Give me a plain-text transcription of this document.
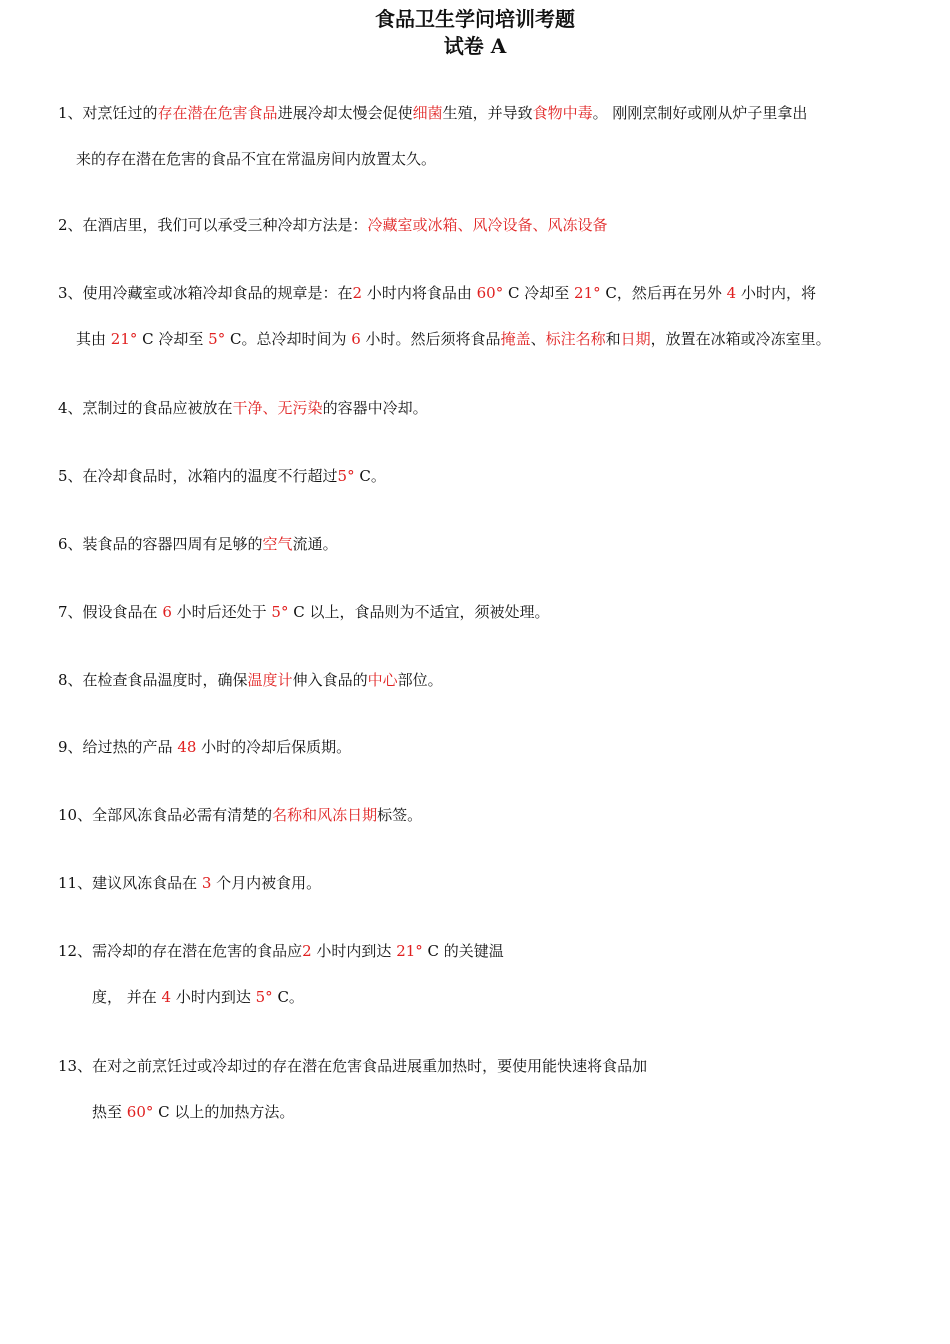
食品卫生学问培训考题
试卷 A
1、对烹饪过的存在潜在危害食品进展冷却太慢会促使细菌生殖，并导致食物中毒。 刚刚烹制好或刚从炉子里拿出
来的存在潜在危害的食品不宜在常温房间内放置太久。
2、在酒店里，我们可以承受三种冷却方法是：冷藏室或冰箱、风冷设备、风冻设备
3、使用冷藏室或冰箱冷却食品的规章是：在2 小时内将食品由 60° C 冷却至 21° C，然后再在另外 4 小时内，将
其由 21° C 冷却至 5° C。总冷却时间为 6 小时。然后须将食品掩盖、标注名称和日期，放置在冰箱或冷冻室里。
4、烹制过的食品应被放在干净、无污染的容器中冷却。
5、在冷却食品时，冰箱内的温度不行超过5° C。
6、装食品的容器四周有足够的空气流通。
7、假设食品在 6 小时后还处于 5° C 以上，食品则为不适宜，须被处理。
8、在检查食品温度时，确保温度计伸入食品的中心部位。
9、给过热的产品 48 小时的冷却后保质期。
10、全部风冻食品必需有清楚的名称和风冻日期标签。
11、建议风冻食品在 3 个月内被食用。
12、需冷却的存在潜在危害的食品应2 小时内到达 21° C 的关键温
度， 并在 4 小时内到达 5° C。
13、在对之前烹饪过或冷却过的存在潜在危害食品进展重加热时，要使用能快速将食品加
热至 60° C 以上的加热方法。
